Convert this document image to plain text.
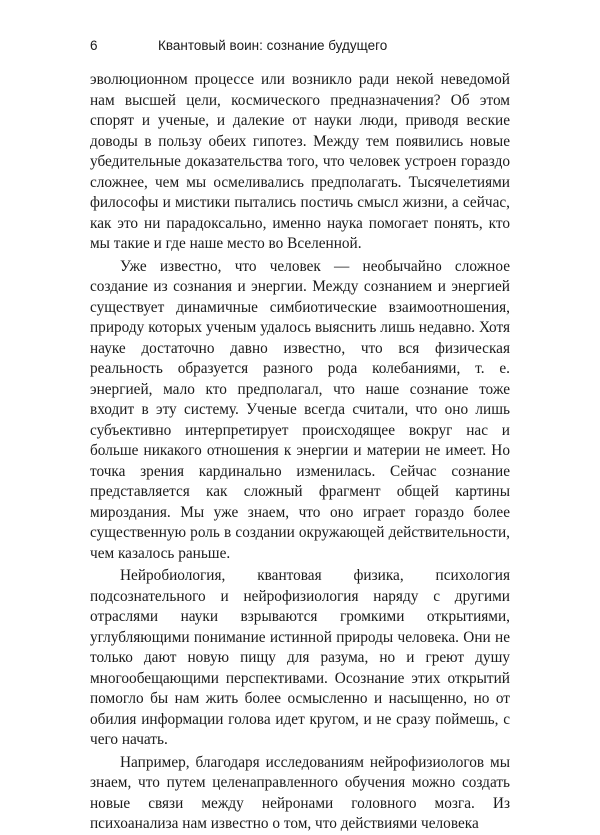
6	Квантовый воин: сознание будущего

эволюционном процессе или возникло ради некой неведомой нам высшей цели, космического предназначения? Об этом спорят и ученые, и далекие от науки люди, приводя веские доводы в пользу обеих гипотез. Между тем появились новые убедительные доказательства того, что человек устроен гораздо сложнее, чем мы осмеливались предполагать. Тысячелетиями философы и мистики пытались постичь смысл жизни, а сейчас, как это ни парадоксально, именно наука помогает понять, кто мы такие и где наше место во Вселенной.

Уже известно, что человек — необычайно сложное создание из сознания и энергии. Между сознанием и энергией существует динамичные симбиотические взаимоотношения, природу которых ученым удалось выяснить лишь недавно. Хотя науке достаточно давно известно, что вся физическая реальность образуется разного рода колебаниями, т. е. энергией, мало кто предполагал, что наше сознание тоже входит в эту систему. Ученые всегда считали, что оно лишь субъективно интерпретирует происходящее вокруг нас и больше никакого отношения к энергии и материи не имеет. Но точка зрения кардинально изменилась. Сейчас сознание представляется как сложный фрагмент общей картины мироздания. Мы уже знаем, что оно играет гораздо более существенную роль в создании окружающей действительности, чем казалось раньше.

Нейробиология, квантовая физика, психология подсознательного и нейрофизиология наряду с другими отраслями науки взрываются громкими открытиями, углубляющими понимание истинной природы человека. Они не только дают новую пищу для разума, но и греют душу многообещающими перспективами. Осознание этих открытий помогло бы нам жить более осмысленно и насыщенно, но от обилия информации голова идет кругом, и не сразу поймешь, с чего начать.

Например, благодаря исследованиям нейрофизиологов мы знаем, что путем целенаправленного обучения можно создать новые связи между нейронами головного мозга. Из психоанализа нам известно о том, что действиями человека
